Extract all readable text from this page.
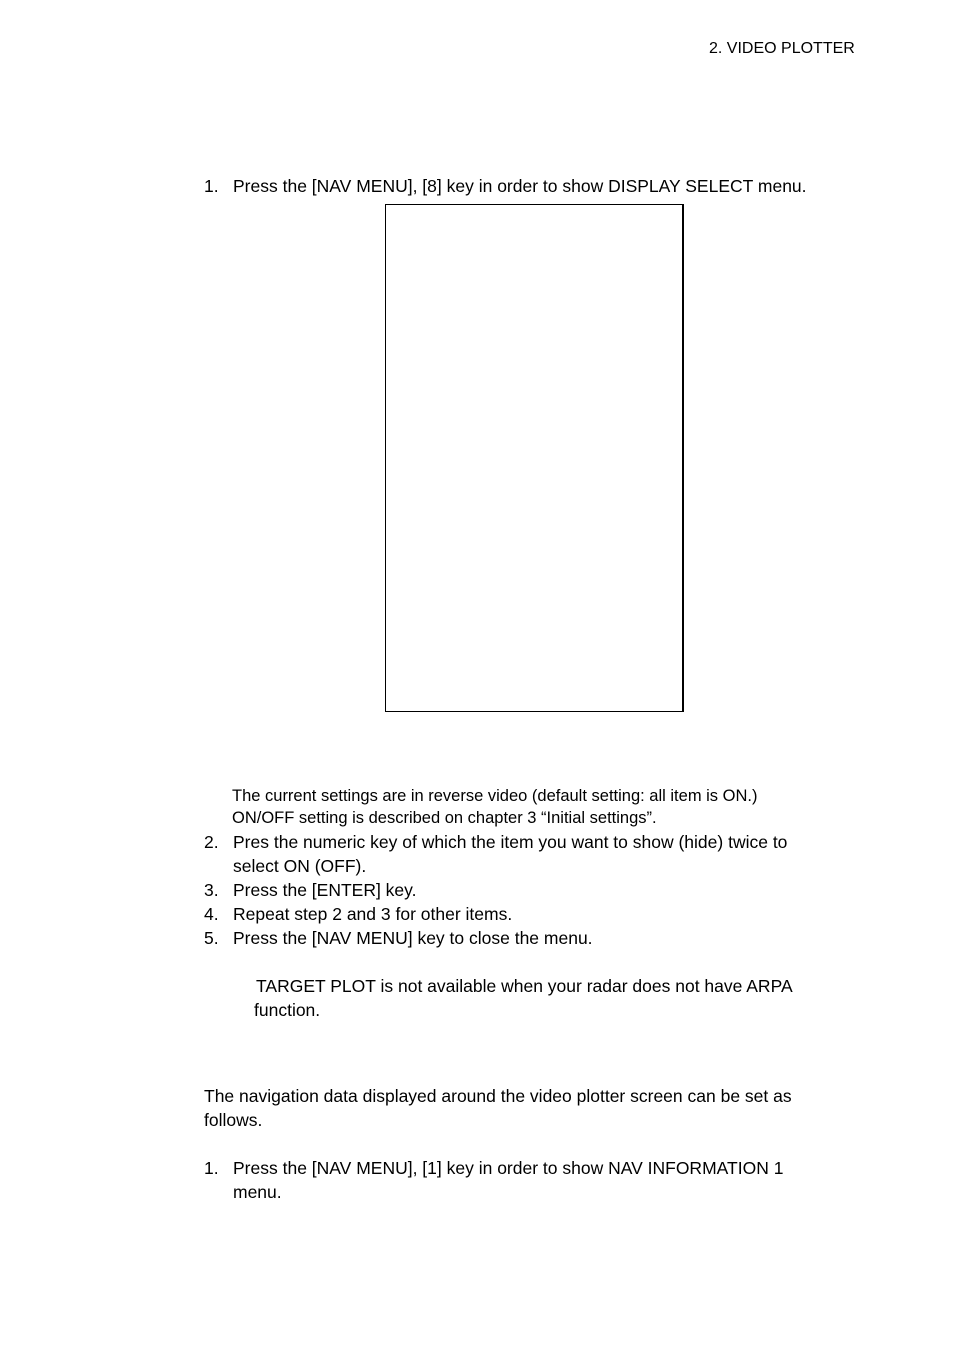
2. VIDEO PLOTTER
1. Press the [NAV MENU], [8] key in order to show DISPLAY SELECT menu.
The current settings are in reverse video (default setting: all item is ON.)
ON/OFF setting is described on chapter 3 “Initial settings”.
2. Pres the numeric key of which the item you want to show (hide) twice to
select ON (OFF).
3. Press the [ENTER] key.
4. Repeat step 2 and 3 for other items.
5. Press the [NAV MENU] key to close the menu.
TARGET PLOT is not available when your radar does not have ARPA
function.
The navigation data displayed around the video plotter screen can be set as
follows.
1. Press the [NAV MENU], [1] key in order to show NAV INFORMATION 1
menu.
